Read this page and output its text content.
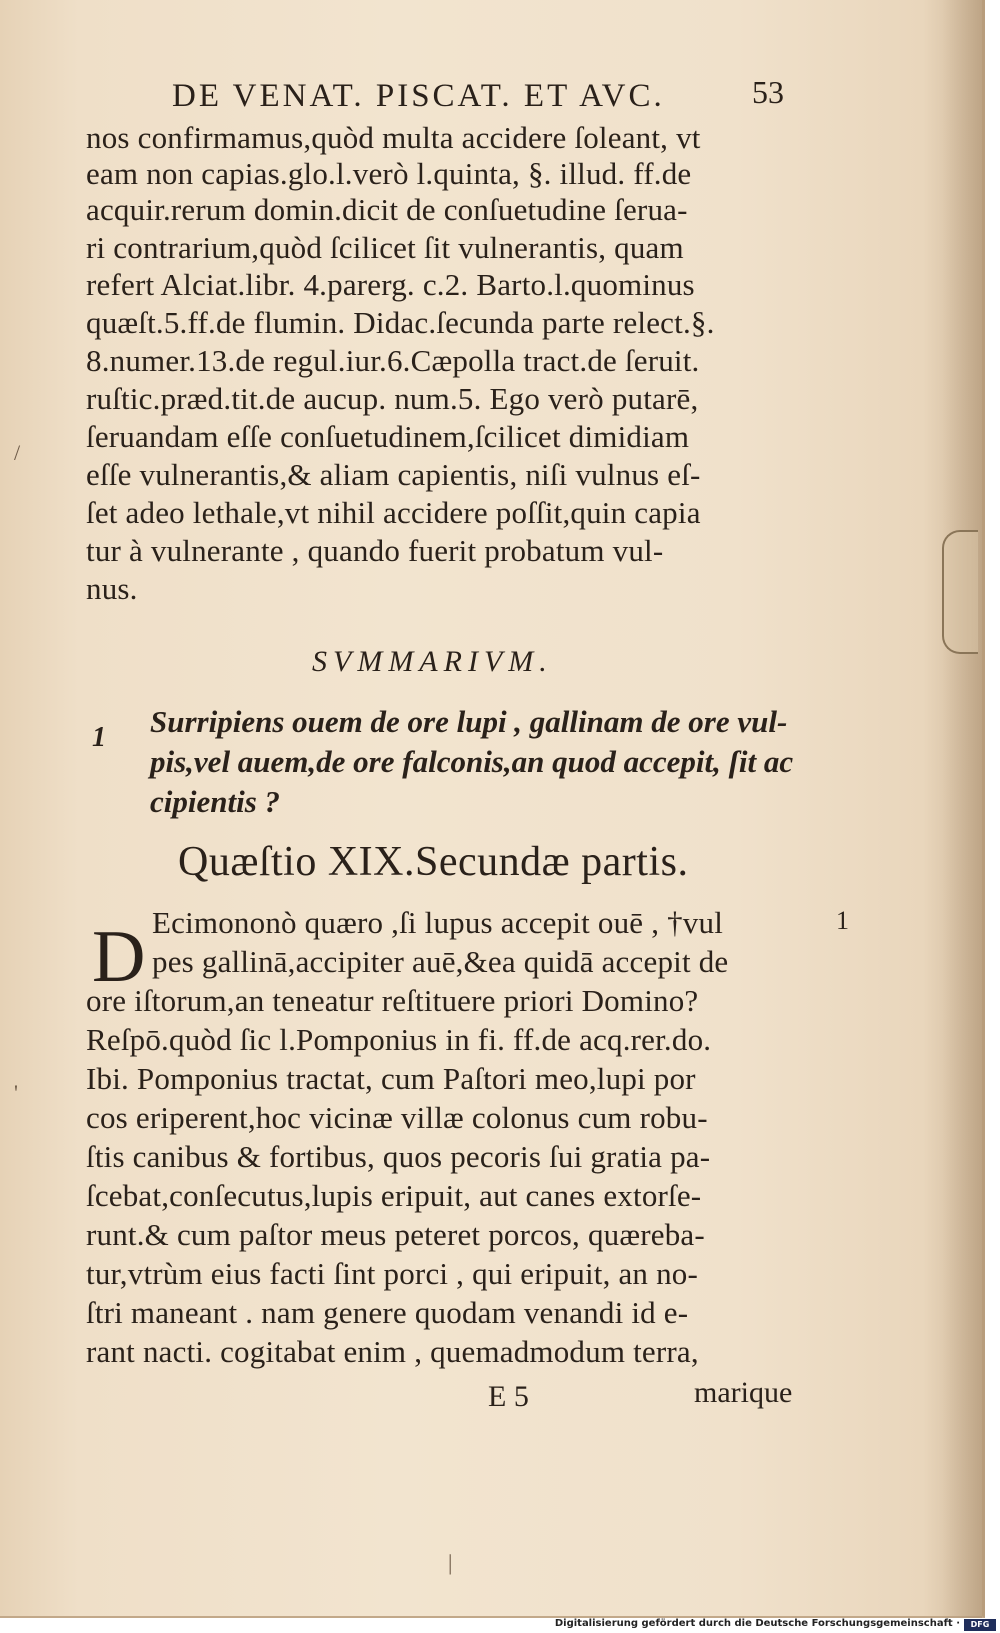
DE VENAT. PISCAT. ET AVC.	53
nos confirmamus,quòd multa accidere ſoleant, vt
eam non capias.glo.l.verò l.quinta, §. illud. ff.de
acquir.rerum domin.dicit de conſuetudine ſerua-
ri contrarium,quòd ſcilicet ſit vulnerantis, quam
refert Alciat.libr. 4.parerg. c.2. Barto.l.quominus
quæſt.5.ff.de flumin. Didac.ſecunda parte relect.§.
8.numer.13.de regul.iur.6.Cæpolla tract.de ſeruit.
ruſtic.præd.tit.de aucup. num.5. Ego verò putarē,
ſeruandam eſſe conſuetudinem,ſcilicet dimidiam
eſſe vulnerantis,& aliam capientis, niſi vulnus eſ-
ſet adeo lethale,vt nihil accidere poſſit,quin capia
tur à vulnerante , quando fuerit probatum vul-
nus.
SVMMARIVM.
1 Surripiens ouem de ore lupi , gallinam de ore vul-
pis,vel auem,de ore falconis,an quod accepit, ſit ac
cipientis ?
Quæſtio XIX.Secundæ partis.
D	1
Ecimononò quæro ,ſi lupus accepit ouē , †vul
pes gallinā,accipiter auē,&ea quidā accepit de
ore iſtorum,an teneatur reſtituere priori Domino?
Reſpō.quòd ſic l.Pomponius in fi. ff.de acq.rer.do.
Ibi. Pomponius tractat, cum Paſtori meo,lupi por
cos eriperent,hoc vicinæ villæ colonus cum robu-
ſtis canibus & fortibus, quos pecoris ſui gratia pa-
ſcebat,conſecutus,lupis eripuit, aut canes extorſe-
runt.& cum paſtor meus peteret porcos, quæreba-
tur,vtrùm eius facti ſint porci , qui eripuit, an no-
ſtri maneant . nam genere quodam venandi id e-
rant nacti. cogitabat enim , quemadmodum terra,
E 5	marique
/
'
|
Digitalisierung gefördert durch die Deutsche Forschungsgemeinschaft ·	DFG
